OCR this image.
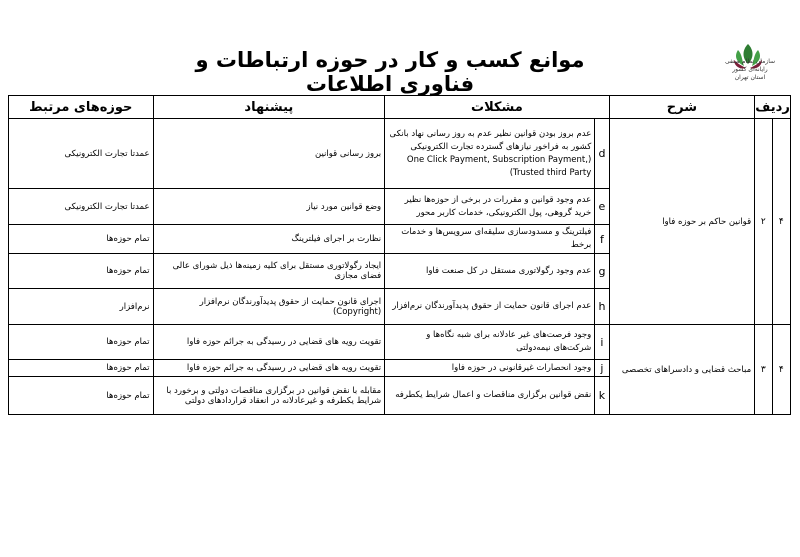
سازمان نظام صنفی رایانه‌ای کشور
استان تهران
موانع کسب و کار در حوزه ارتباطات و فناوری اطلاعات
ردیف		شرح	مشکلات		پیشنهاد	حوزه‌های مرتبط
۴	۲	قوانین حاکم بر حوزه فاوا	d	عدم بروز بودن قوانین نظیر عدم به روز رسانی نهاد بانکی کشور به فراخور نیازهای گسترده تجارت الکترونیکی (One Click Payment, Subscription Payment, Trusted third Party)	بروز رسانی قوانین	عمدتا تجارت الکترونیکی
			e	عدم وجود قوانین و مقررات در برخی از حوزه‌ها نظیر خرید گروهی، پول الکترونیکی، خدمات کاربر محور	وضع قوانین مورد نیاز	عمدتا تجارت الکترونیکی
			f	فیلترینگ و مسدودسازی سلیقه‌ای سرویس‌ها و خدمات برخط	نظارت بر اجرای فیلترینگ	تمام حوزه‌ها
			g	عدم وجود رگولاتوری مستقل در کل صنعت فاوا	ایجاد رگولاتوری مستقل برای کلیه زمینه‌ها ذیل شورای عالی فضای مجازی	تمام حوزه‌ها
			h	عدم اجرای قانون حمایت از حقوق پدیدآورندگان نرم‌افزار	اجرای قانون حمایت از حقوق پدیدآورندگان نرم‌افزار (Copyright)	نرم‌افزار
۴	۳	مباحث قضایی و دادسراهای تخصصی	i	وجود فرصت‌های غیر عادلانه برای شبه نگاه‌ها و شرکت‌های نیمه‌دولتی	تقویت رویه های قضایی در رسیدگی به جرائم حوزه فاوا	تمام حوزه‌ها
			j	وجود انحصارات غیرقانونی در حوزه فاوا	تقویت رویه های قضایی در رسیدگی به جرائم حوزه فاوا	تمام حوزه‌ها
			k	نقض قوانین برگزاری مناقصات و اعمال شرایط یکطرفه	مقابله با نقض قوانین در برگزاری مناقصات دولتی و برخورد با شرایط یکطرفه و غیرعادلانه در انعقاد قراردادهای دولتی	تمام حوزه‌ها
